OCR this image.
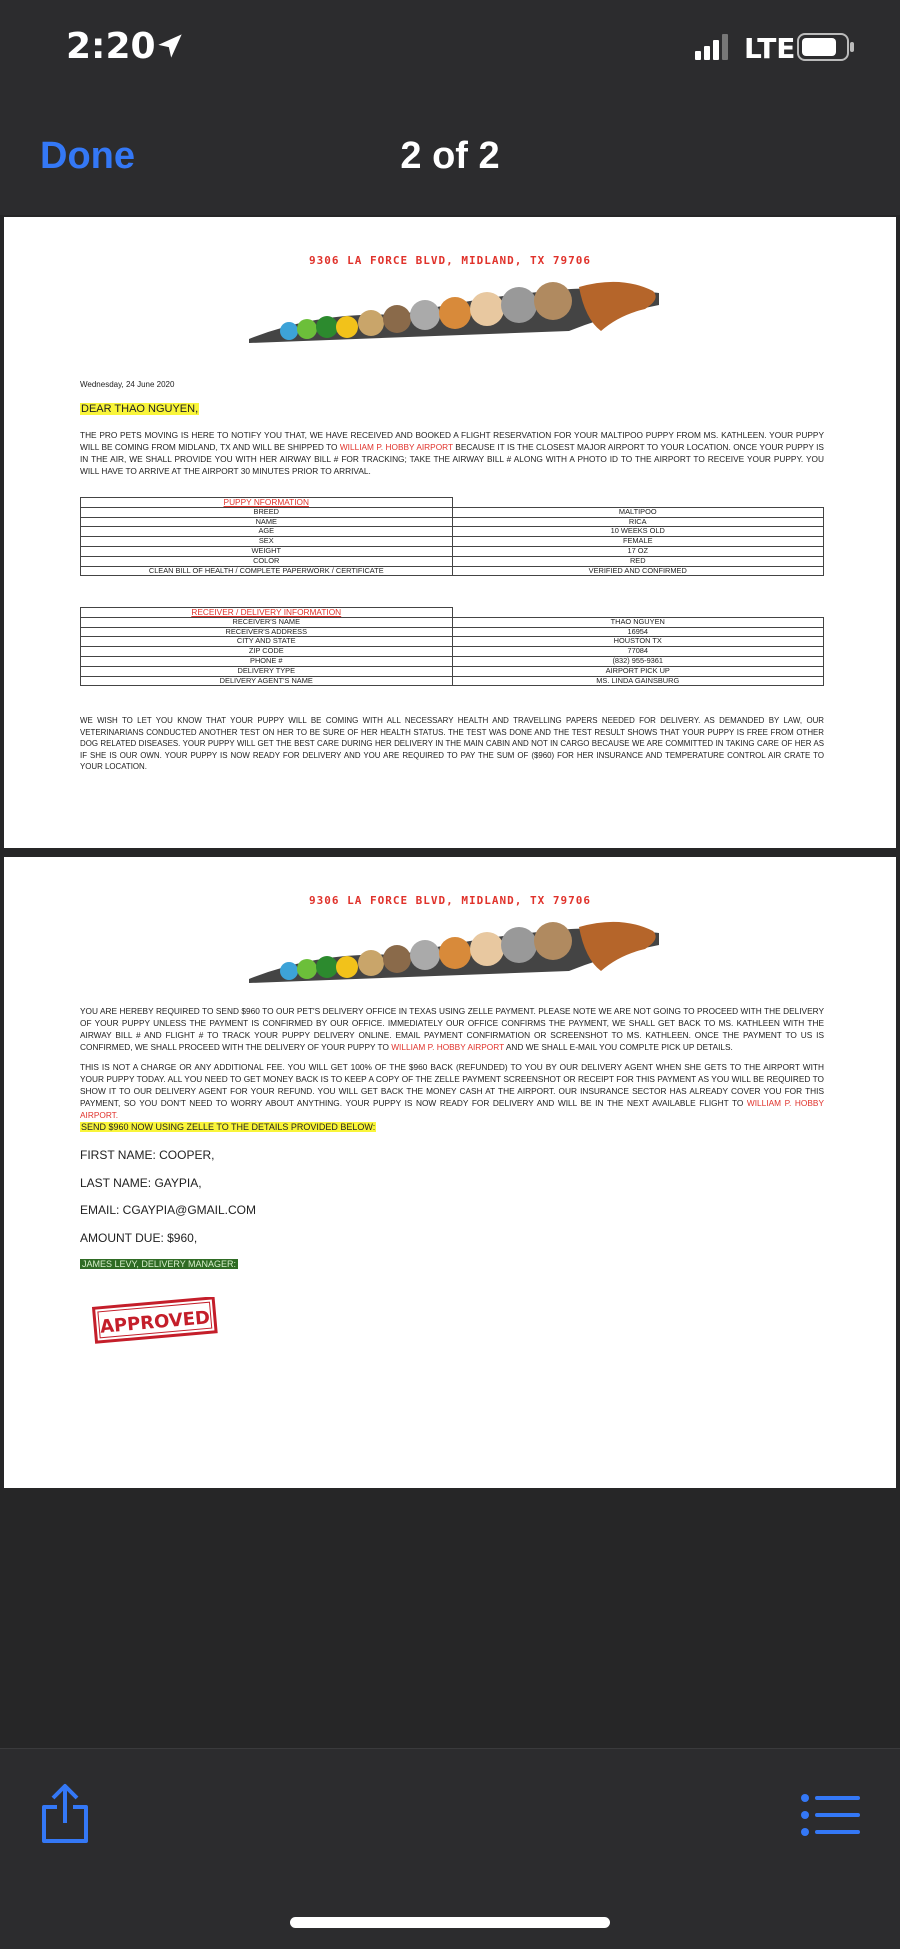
2:20	LTE
Done	2 of 2
9306 LA FORCE BLVD, MIDLAND, TX 79706
Wednesday, 24 June 2020
DEAR THAO NGUYEN,
THE PRO PETS MOVING IS HERE TO NOTIFY YOU THAT, WE HAVE RECEIVED AND BOOKED A FLIGHT RESERVATION FOR YOUR MALTIPOO PUPPY FROM MS. KATHLEEN. YOUR PUPPY WILL BE COMING FROM MIDLAND, TX AND WILL BE SHIPPED TO WILLIAM P. HOBBY AIRPORT BECAUSE IT IS THE CLOSEST MAJOR AIRPORT TO YOUR LOCATION. ONCE YOUR PUPPY IS IN THE AIR, WE SHALL PROVIDE YOU WITH HER AIRWAY BILL # FOR TRACKING; TAKE THE AIRWAY BILL # ALONG WITH A PHOTO ID TO THE AIRPORT TO RECEIVE YOUR PUPPY. YOU WILL HAVE TO ARRIVE AT THE AIRPORT 30 MINUTES PRIOR TO ARRIVAL.
PUPPY NFORMATION	
BREED	MALTIPOO
NAME	RICA
AGE	10 WEEKS OLD
SEX	FEMALE
WEIGHT	17 OZ
COLOR	RED
CLEAN BILL OF HEALTH / COMPLETE PAPERWORK / CERTIFICATE	VERIFIED AND CONFIRMED
RECEIVER / DELIVERY INFORMATION	
RECEIVER'S NAME	THAO NGUYEN
RECEIVER'S ADDRESS	16954
CITY AND STATE	HOUSTON TX
ZIP CODE	77084
PHONE #	(832) 955-9361
DELIVERY TYPE	AIRPORT PICK UP
DELIVERY AGENT'S NAME	MS. LINDA GAINSBURG
WE WISH TO LET YOU KNOW THAT YOUR PUPPY WILL BE COMING WITH ALL NECESSARY HEALTH AND TRAVELLING PAPERS NEEDED FOR DELIVERY. AS DEMANDED BY LAW, OUR VETERINARIANS CONDUCTED ANOTHER TEST ON HER TO BE SURE OF HER HEALTH STATUS. THE TEST WAS DONE AND THE TEST RESULT SHOWS THAT YOUR PUPPY IS FREE FROM OTHER DOG RELATED DISEASES. YOUR PUPPY WILL GET THE BEST CARE DURING HER DELIVERY IN THE MAIN CABIN AND NOT IN CARGO BECAUSE WE ARE COMMITTED IN TAKING CARE OF HER AS IF SHE IS OUR OWN. YOUR PUPPY IS NOW READY FOR DELIVERY AND YOU ARE REQUIRED TO PAY THE SUM OF ($960) FOR HER INSURANCE AND TEMPERATURE CONTROL AIR CRATE TO YOUR LOCATION.
9306 LA FORCE BLVD, MIDLAND, TX 79706
YOU ARE HEREBY REQUIRED TO SEND $960 TO OUR PET'S DELIVERY OFFICE IN TEXAS USING ZELLE PAYMENT. PLEASE NOTE WE ARE NOT GOING TO PROCEED WITH THE DELIVERY OF YOUR PUPPY UNLESS THE PAYMENT IS CONFIRMED BY OUR OFFICE. IMMEDIATELY OUR OFFICE CONFIRMS THE PAYMENT, WE SHALL GET BACK TO MS. KATHLEEN WITH THE AIRWAY BILL # AND FLIGHT # TO TRACK YOUR PUPPY DELIVERY ONLINE. EMAIL PAYMENT CONFIRMATION OR SCREENSHOT TO MS. KATHLEEN. ONCE THE PAYMENT TO US IS CONFIRMED, WE SHALL PROCEED WITH THE DELIVERY OF YOUR PUPPY TO WILLIAM P. HOBBY AIRPORT AND WE SHALL E-MAIL YOU COMPLTE PICK UP DETAILS.
THIS IS NOT A CHARGE OR ANY ADDITIONAL FEE. YOU WILL GET 100% OF THE $960 BACK (REFUNDED) TO YOU BY OUR DELIVERY AGENT WHEN SHE GETS TO THE AIRPORT WITH YOUR PUPPY TODAY. ALL YOU NEED TO GET MONEY BACK IS TO KEEP A COPY OF THE ZELLE PAYMENT SCREENSHOT OR RECEIPT FOR THIS PAYMENT AS YOU WILL BE REQUIRED TO SHOW IT TO OUR DELIVERY AGENT FOR YOUR REFUND. YOU WILL GET BACK THE MONEY CASH AT THE AIRPORT. OUR INSURANCE SECTOR HAS ALREADY COVER YOU FOR THIS PAYMENT, SO YOU DON'T NEED TO WORRY ABOUT ANYTHING. YOUR PUPPY IS NOW READY FOR DELIVERY AND WILL BE IN THE NEXT AVAILABLE FLIGHT TO WILLIAM P. HOBBY AIRPORT.
SEND $960 NOW USING ZELLE TO THE DETAILS PROVIDED BELOW:
FIRST NAME: COOPER,
LAST NAME: GAYPIA,
EMAIL: CGAYPIA@GMAIL.COM
AMOUNT DUE: $960,
JAMES LEVY, DELIVERY MANAGER:
APPROVED
